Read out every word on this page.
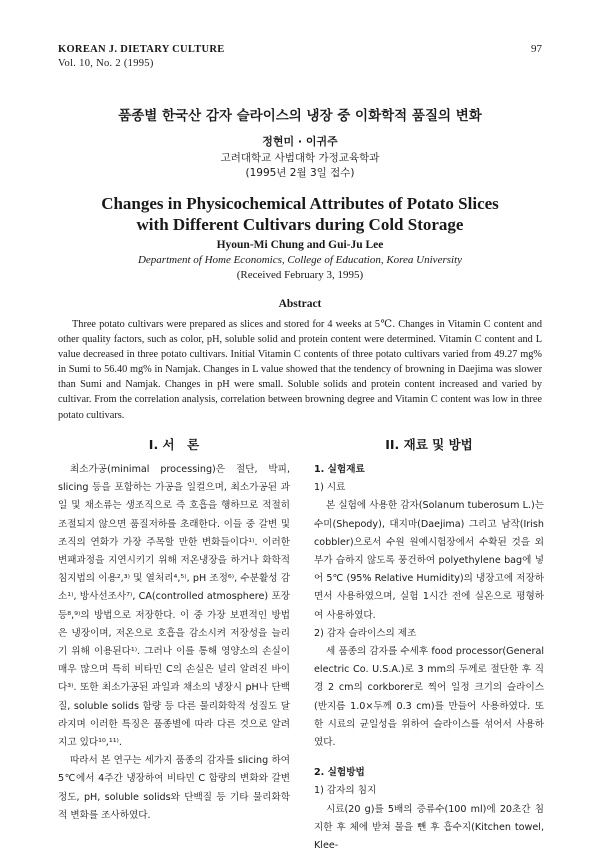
KOREAN J. DIETARY CULTURE
Vol. 10, No. 2 (1995)
97
품종별 한국산 감자 슬라이스의 냉장 중 이화학적 품질의 변화
정현미 · 이귀주
고려대학교 사범대학 가정교육학과
(1995년 2월 3일 접수)
Changes in Physicochemical Attributes of Potato Slices
with Different Cultivars during Cold Storage
Hyoun-Mi Chung and Gui-Ju Lee
Department of Home Economics, College of Education, Korea University
(Received February 3, 1995)
Abstract
Three potato cultivars were prepared as slices and stored for 4 weeks at 5℃. Changes in Vitamin C content and other quality factors, such as color, pH, soluble solid and protein content were determined. Vitamin C content and L value decreased in three potato cultivars. Initial Vitamin C contents of three potato cultivars varied from 49.27 mg% in Sumi to 56.40 mg% in Namjak. Changes in L value showed that the tendency of browning in Daejima was slower than Sumi and Namjak. Changes in pH were small. Soluble solids and protein content increased and varied by cultivar. From the correlation analysis, correlation between browning degree and Vitamin C content was low in three potato cultivars.
I. 서　론	II. 재료 및 방법

최소가공(minimal processing)은 절단, 박피, slicing 등을 포함하는 가공을 일컬으며, 최소가공된 과일 및 채소류는 생조직으로 즉 호흡을 행하므로 적절히 조절되지 않으면 품질저하를 초래한다. 이들 중 갈변 및 조직의 연화가 가장 주목할 만한 변화들이다¹⁾. 이러한 변패과정을 지연시키기 위해 저온냉장을 하거나 화학적 침지법의 이용²,³⁾ 및 열처리⁴,⁵⁾, pH 조정⁶⁾, 수분활성 감소¹⁾, 방사선조사⁷⁾, CA(controlled atmosphere) 포장 등⁸,⁹⁾의 방법으로 저장한다. 이 중 가장 보편적인 방법은 냉장이며, 저온으로 호흡을 감소시켜 저장성을 늘리기 위해 이용된다¹⁾. 그러나 이를 통해 영양소의 손실이 매우 많으며 특히 비타민 C의 손실은 널리 알려진 바이다³⁾. 또한 최소가공된 과일과 채소의 냉장시 pH나 단백질, soluble solids 함량 등 다른 물리화학적 성질도 달라지며 이러한 특징은 품종별에 따라 다른 것으로 알려지고 있다¹⁰,¹¹⁾.

따라서 본 연구는 세가지 품종의 감자를 slicing 하여 5℃에서 4주간 냉장하여 비타민 C 함량의 변화와 갈변정도, pH, soluble solids와 단백질 등 기타 물리화학적 변화를 조사하였다.

1. 실험재료

1) 시료

본 실험에 사용한 감자(Solanum tuberosum L.)는 수미(Shepody), 대지마(Daejima) 그리고 남작(Irish cobbler)으로서 수원 원예시험장에서 수확된 것을 외부가 습하지 않도록 풍건하여 polyethylene bag에 넣어 5℃ (95% Relative Humidity)의 냉장고에 저장하면서 사용하였으며, 실험 1시간 전에 실온으로 평형하여 사용하였다.

2) 감자 슬라이스의 제조

세 품종의 감자를 수세후 food processor(General electric Co. U.S.A.)로 3 mm의 두께로 절단한 후 직경 2 cm의 corkborer로 찍어 일정 크기의 슬라이스(반지름 1.0×두께 0.3 cm)를 만들어 사용하였다. 또한 시료의 균일성을 위하여 슬라이스를 섞어서 사용하였다.

2. 실험방법

1) 감자의 침지

시료(20 g)를 5배의 증류수(100 ml)에 20초간 침지한 후 체에 받쳐 물을 뺀 후 흡수지(Kitchen towel, Klee-
